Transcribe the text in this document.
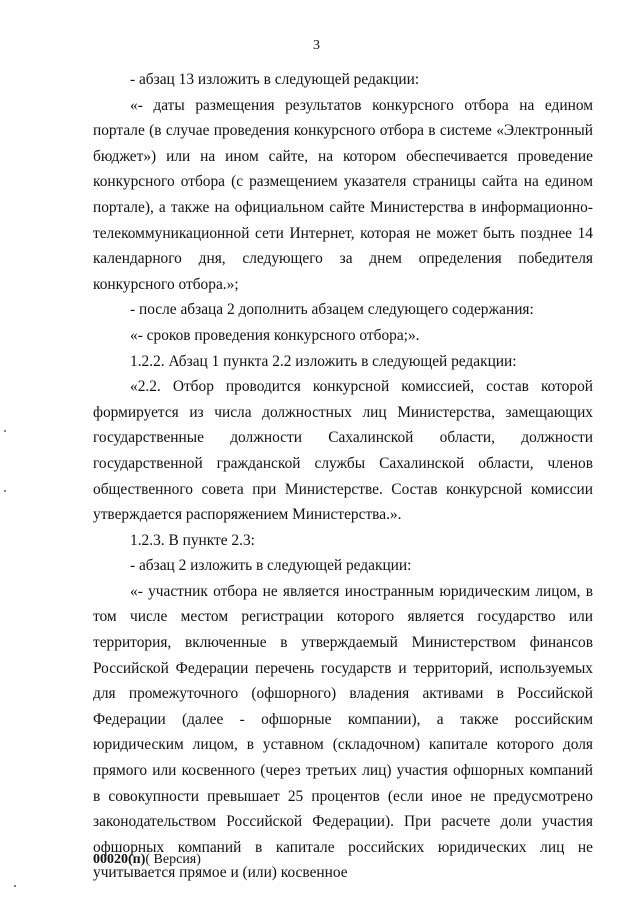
3

- абзац 13 изложить в следующей редакции:

«- даты размещения результатов конкурсного отбора на едином портале (в случае проведения конкурсного отбора в системе «Электронный бюджет») или на ином сайте, на котором обеспечивается проведение конкурсного отбора (с размещением указателя страницы сайта на едином портале), а также на официальном сайте Министерства в информационно-телекоммуникационной сети Интернет, которая не может быть позднее 14 календарного дня, следующего за днем определения победителя конкурсного отбора.»;

- после абзаца 2 дополнить абзацем следующего содержания:

«- сроков проведения конкурсного отбора;».

1.2.2. Абзац 1 пункта 2.2 изложить в следующей редакции:

«2.2. Отбор проводится конкурсной комиссией, состав которой формируется из числа должностных лиц Министерства, замещающих государственные должности Сахалинской области, должности государственной гражданской службы Сахалинской области, членов общественного совета при Министерстве. Состав конкурсной комиссии утверждается распоряжением Министерства.».

1.2.3. В пункте 2.3:

- абзац 2 изложить в следующей редакции:

«- участник отбора не является иностранным юридическим лицом, в том числе местом регистрации которого является государство или территория, включенные в утверждаемый Министерством финансов Российской Федерации перечень государств и территорий, используемых для промежуточного (офшорного) владения активами в Российской Федерации (далее - офшорные компании), а также российским юридическим лицом, в уставном (складочном) капитале которого доля прямого или косвенного (через третьих лиц) участия офшорных компаний в совокупности превышает 25 процентов (если иное не предусмотрено законодательством Российской Федерации). При расчете доли участия офшорных компаний в капитале российских юридических лиц не учитывается прямое и (или) косвенное

00020(п)( Версия)
